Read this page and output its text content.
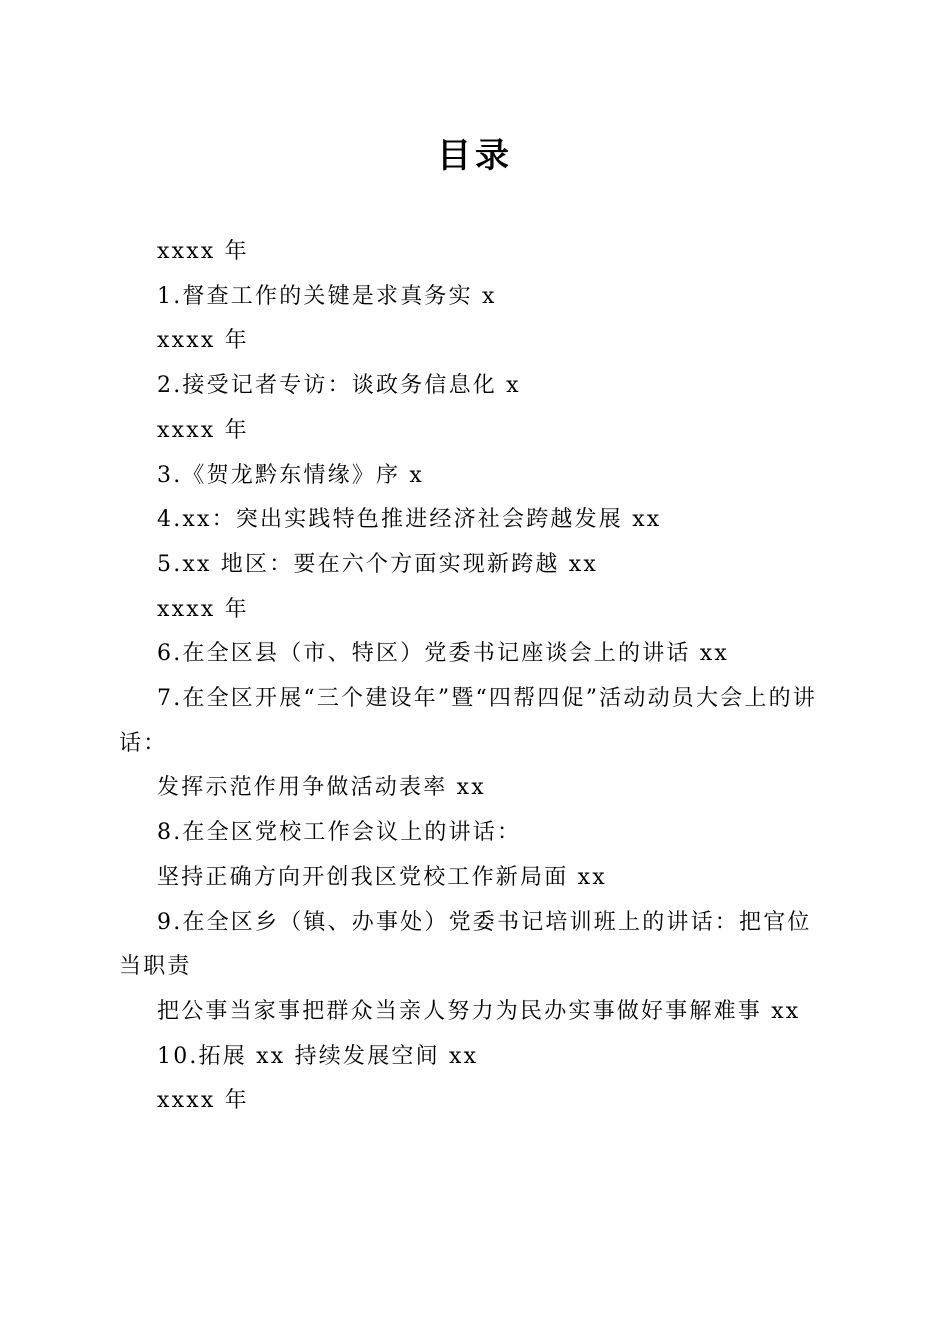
目录
xxxx 年
1.督查工作的关键是求真务实 x
xxxx 年
2.接受记者专访：谈政务信息化 x
xxxx 年
3.《贺龙黔东情缘》序 x
4.xx：突出实践特色推进经济社会跨越发展 xx
5.xx 地区：要在六个方面实现新跨越 xx
xxxx 年
6.在全区县（市、特区）党委书记座谈会上的讲话 xx
7.在全区开展“三个建设年”暨“四帮四促”活动动员大会上的讲话：
发挥示范作用争做活动表率 xx
8.在全区党校工作会议上的讲话：
坚持正确方向开创我区党校工作新局面 xx
9.在全区乡（镇、办事处）党委书记培训班上的讲话：把官位当职责
把公事当家事把群众当亲人努力为民办实事做好事解难事 xx
10.拓展 xx 持续发展空间 xx
xxxx 年
